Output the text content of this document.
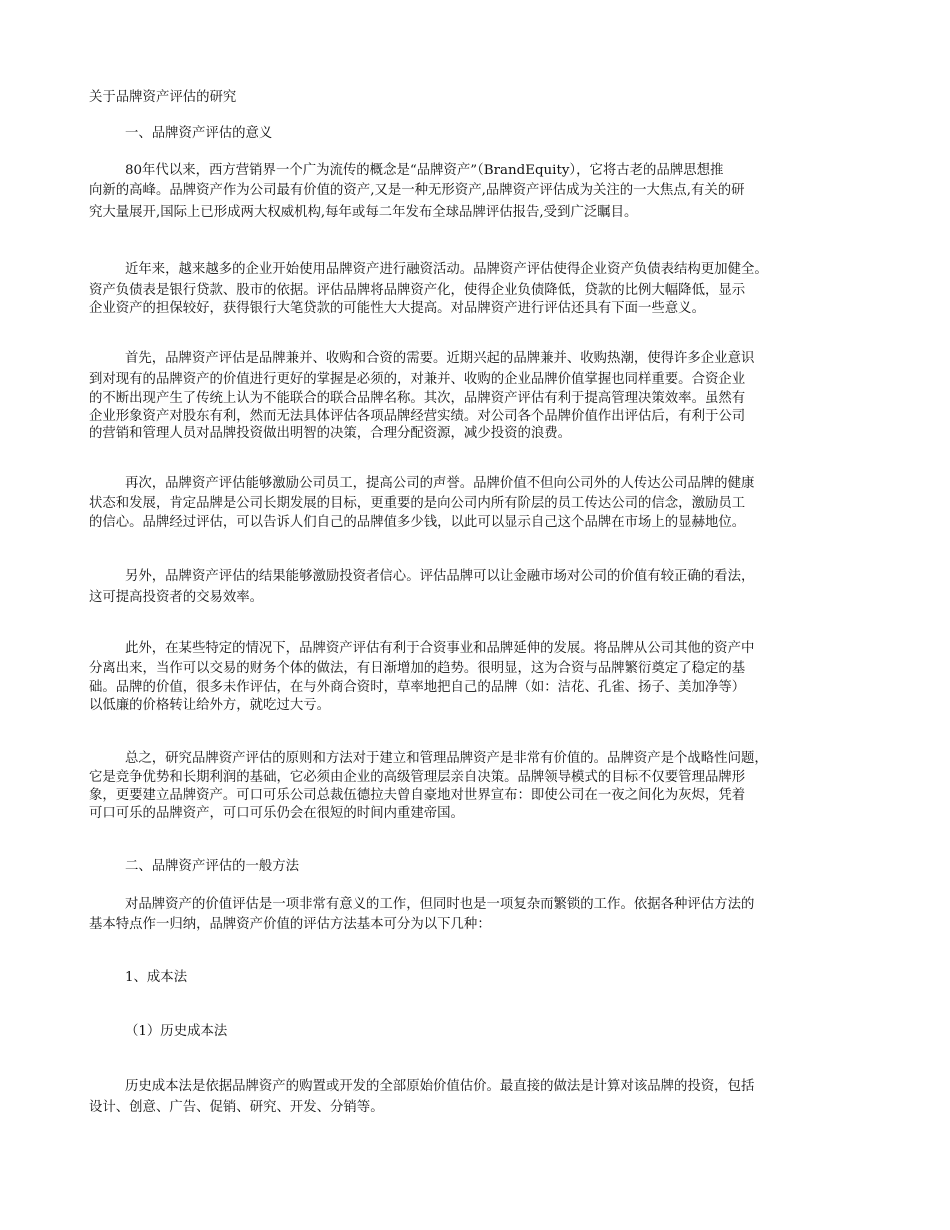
关于品牌资产评估的研究

一、品牌资产评估的意义

80年代以来，西方营销界一个广为流传的概念是“品牌资产”（BrandEquity），它将古老的品牌思想推

向新的高峰。品牌资产作为公司最有价值的资产,又是一种无形资产,品牌资产评估成为关注的一大焦点,有关的研

究大量展开,国际上已形成两大权威机构,每年或每二年发布全球品牌评估报告,受到广泛瞩目。

近年来，越来越多的企业开始使用品牌资产进行融资活动。品牌资产评估使得企业资产负债表结构更加健全。

资产负债表是银行贷款、股市的依据。评估品牌将品牌资产化，使得企业负债降低，贷款的比例大幅降低，显示

企业资产的担保较好，获得银行大笔贷款的可能性大大提高。对品牌资产进行评估还具有下面一些意义。

首先，品牌资产评估是品牌兼并、收购和合资的需要。近期兴起的品牌兼并、收购热潮，使得许多企业意识

到对现有的品牌资产的价值进行更好的掌握是必须的，对兼并、收购的企业品牌价值掌握也同样重要。合资企业

的不断出现产生了传统上认为不能联合的联合品牌名称。其次，品牌资产评估有利于提高管理决策效率。虽然有

企业形象资产对股东有利，然而无法具体评估各项品牌经营实绩。对公司各个品牌价值作出评估后，有利于公司

的营销和管理人员对品牌投资做出明智的决策，合理分配资源，减少投资的浪费。

再次，品牌资产评估能够激励公司员工，提高公司的声誉。品牌价值不但向公司外的人传达公司品牌的健康

状态和发展，肯定品牌是公司长期发展的目标，更重要的是向公司内所有阶层的员工传达公司的信念，激励员工

的信心。品牌经过评估，可以告诉人们自己的品牌值多少钱，以此可以显示自己这个品牌在市场上的显赫地位。

另外，品牌资产评估的结果能够激励投资者信心。评估品牌可以让金融市场对公司的价值有较正确的看法，

这可提高投资者的交易效率。

此外，在某些特定的情况下，品牌资产评估有利于合资事业和品牌延伸的发展。将品牌从公司其他的资产中

分离出来，当作可以交易的财务个体的做法，有日渐增加的趋势。很明显，这为合资与品牌繁衍奠定了稳定的基

础。品牌的价值，很多未作评估，在与外商合资时，草率地把自己的品牌（如：洁花、孔雀、扬子、美加净等）

以低廉的价格转让给外方，就吃过大亏。

总之，研究品牌资产评估的原则和方法对于建立和管理品牌资产是非常有价值的。品牌资产是个战略性问题，

它是竞争优势和长期利润的基础，它必须由企业的高级管理层亲自决策。品牌领导模式的目标不仅要管理品牌形

象，更要建立品牌资产。可口可乐公司总裁伍德拉夫曾自豪地对世界宣布：即使公司在一夜之间化为灰烬，凭着

可口可乐的品牌资产，可口可乐仍会在很短的时间内重建帝国。

二、品牌资产评估的一般方法

对品牌资产的价值评估是一项非常有意义的工作，但同时也是一项复杂而繁锁的工作。依据各种评估方法的

基本特点作一归纳，品牌资产价值的评估方法基本可分为以下几种：

1、成本法

（1）历史成本法

历史成本法是依据品牌资产的购置或开发的全部原始价值估价。最直接的做法是计算对该品牌的投资，包括

设计、创意、广告、促销、研究、开发、分销等。
